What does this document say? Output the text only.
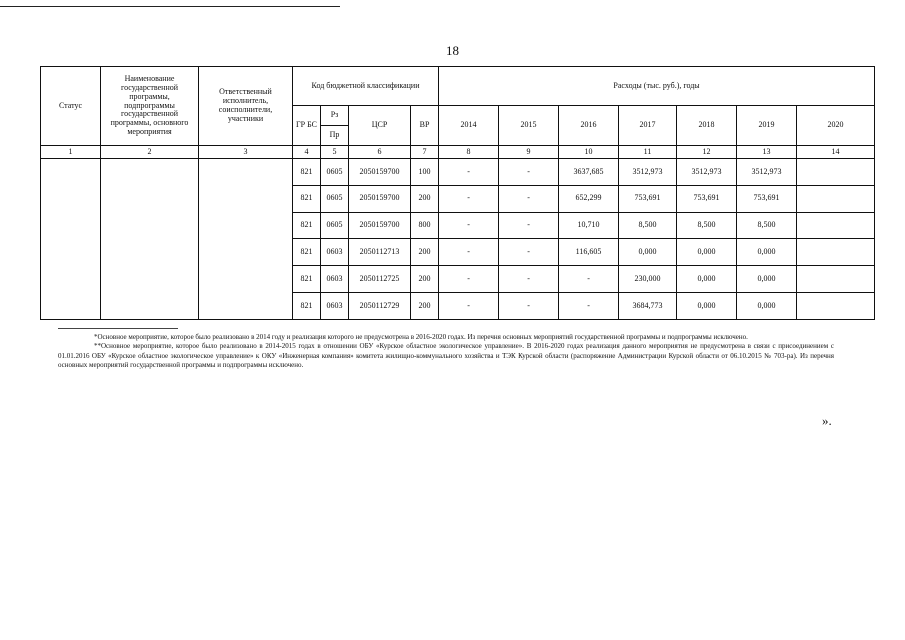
18
Статус	Наименование государственной программы, подпрограммы государственной программы, основного мероприятия	Ответственный исполнитель, соисполнители, участники	Код бюджетной классификации				Расходы (тыс. руб.), годы						
			ГР БС	Рз	ЦСР	ВР	2014	2015	2016	2017	2018	2019	2020
				Пр									
1	2	3	4	5	6	7	8	9	10	11	12	13	14
			821	0605	2050159700	100	-	-	3637,685	3512,973	3512,973	3512,973	
			821	0605	2050159700	200	-	-	652,299	753,691	753,691	753,691	
			821	0605	2050159700	800	-	-	10,710	8,500	8,500	8,500	
			821	0603	2050112713	200	-	-	116,605	0,000	0,000	0,000	
			821	0603	2050112725	200	-	-	-	230,000	0,000	0,000	
			821	0603	2050112729	200	-	-	-	3684,773	0,000	0,000	

*Основное мероприятие, которое было реализовано в 2014 году и реализация которого не предусмотрена в 2016-2020 годах. Из перечня основных мероприятий государственной программы и подпрограммы исключено.

**Основное мероприятие, которое было реализовано в 2014-2015 годах в отношении ОБУ «Курское областное экологическое управление». В 2016-2020 годах реализация данного мероприятия не предусмотрена в связи с присоединением с 01.01.2016 ОБУ «Курское областное экологическое управление» к ОКУ «Инженерная компания» комитета жилищно-коммунального хозяйства и ТЭК Курской области (распоряжение Администрации Курской области от 06.10.2015 № 703-ра). Из перечня основных мероприятий государственной программы и подпрограммы исключено.

».
